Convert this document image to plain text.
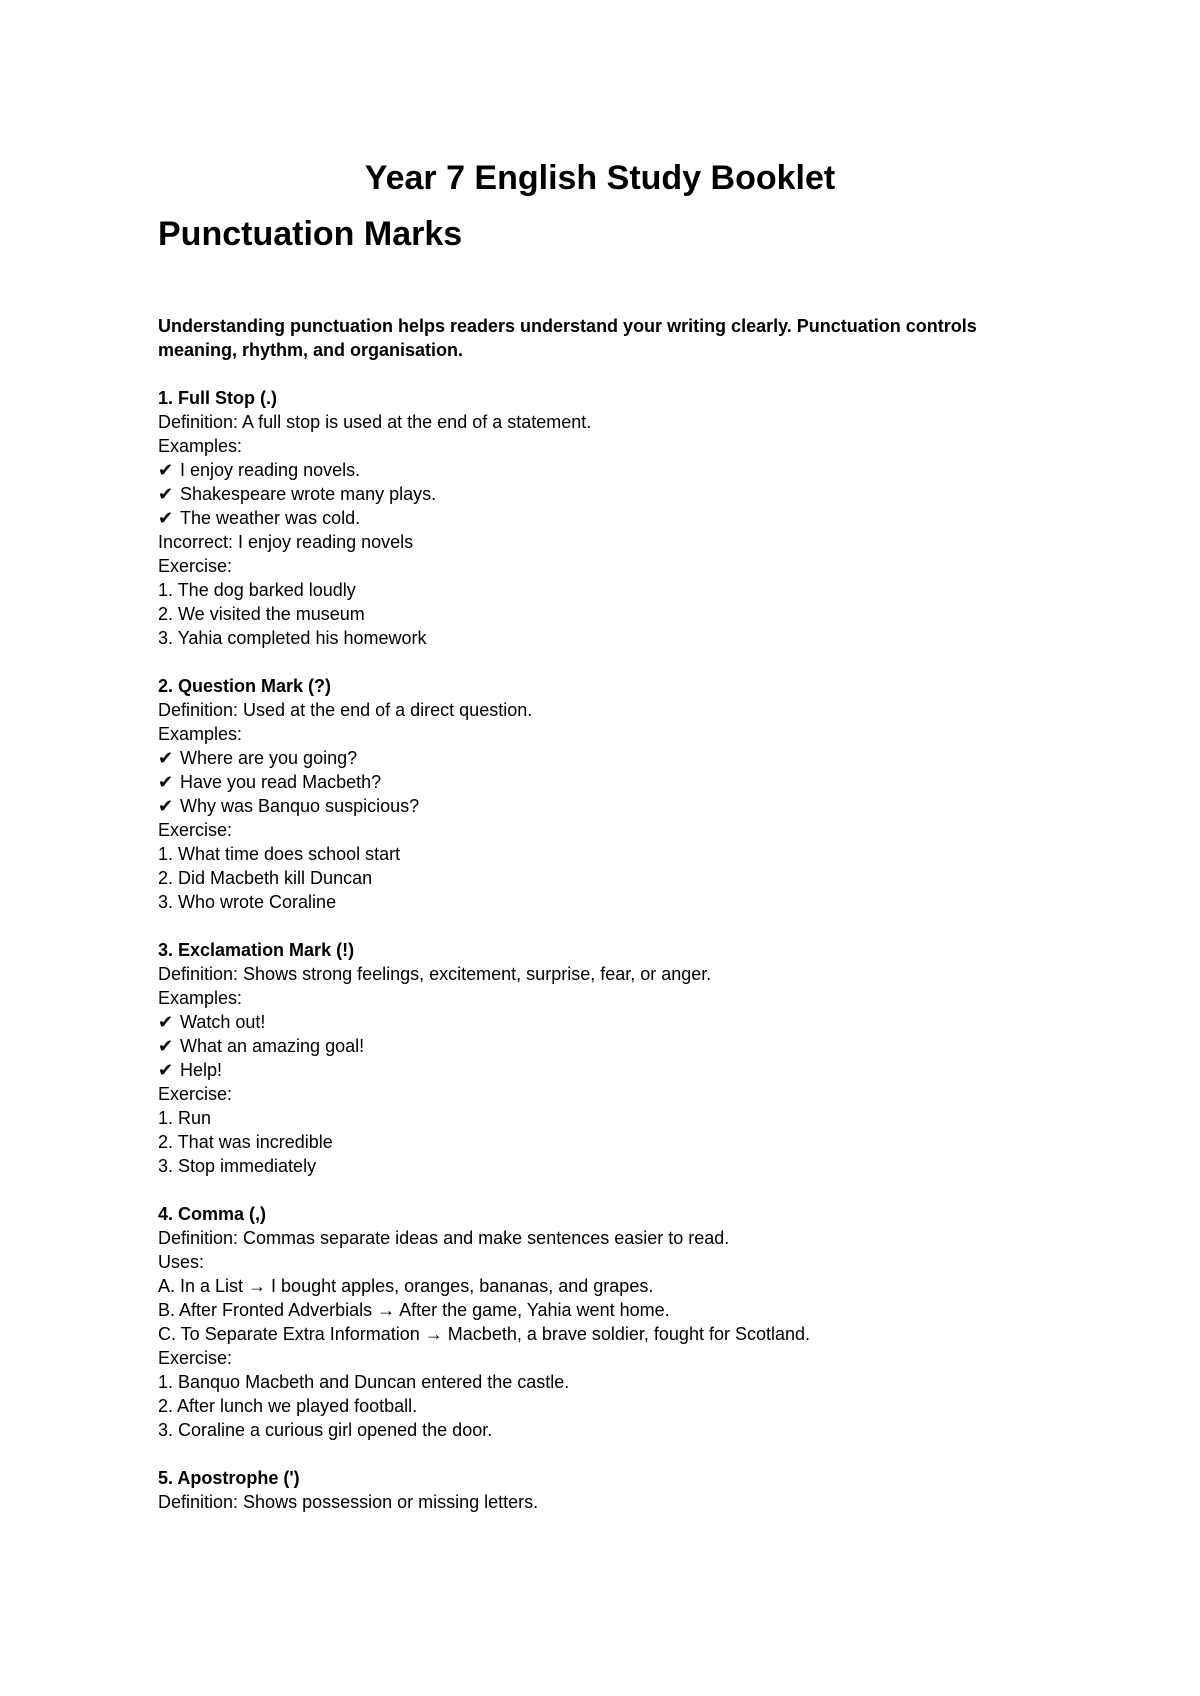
Year 7 English Study Booklet
Punctuation Marks

Understanding punctuation helps readers understand your writing clearly. Punctuation controls meaning, rhythm, and organisation.

1. Full Stop (.)

Definition: A full stop is used at the end of a statement.

Examples:

✔ I enjoy reading novels.

✔ Shakespeare wrote many plays.

✔ The weather was cold.

Incorrect: I enjoy reading novels

Exercise:

1. The dog barked loudly

2. We visited the museum

3. Yahia completed his homework

2. Question Mark (?)

Definition: Used at the end of a direct question.

Examples:

✔ Where are you going?

✔ Have you read Macbeth?

✔ Why was Banquo suspicious?

Exercise:

1. What time does school start

2. Did Macbeth kill Duncan

3. Who wrote Coraline

3. Exclamation Mark (!)

Definition: Shows strong feelings, excitement, surprise, fear, or anger.

Examples:

✔ Watch out!

✔ What an amazing goal!

✔ Help!

Exercise:

1. Run

2. That was incredible

3. Stop immediately

4. Comma (,)

Definition: Commas separate ideas and make sentences easier to read.

Uses:

A. In a List → I bought apples, oranges, bananas, and grapes.

B. After Fronted Adverbials → After the game, Yahia went home.

C. To Separate Extra Information → Macbeth, a brave soldier, fought for Scotland.

Exercise:

1. Banquo Macbeth and Duncan entered the castle.

2. After lunch we played football.

3. Coraline a curious girl opened the door.

5. Apostrophe (')

Definition: Shows possession or missing letters.
